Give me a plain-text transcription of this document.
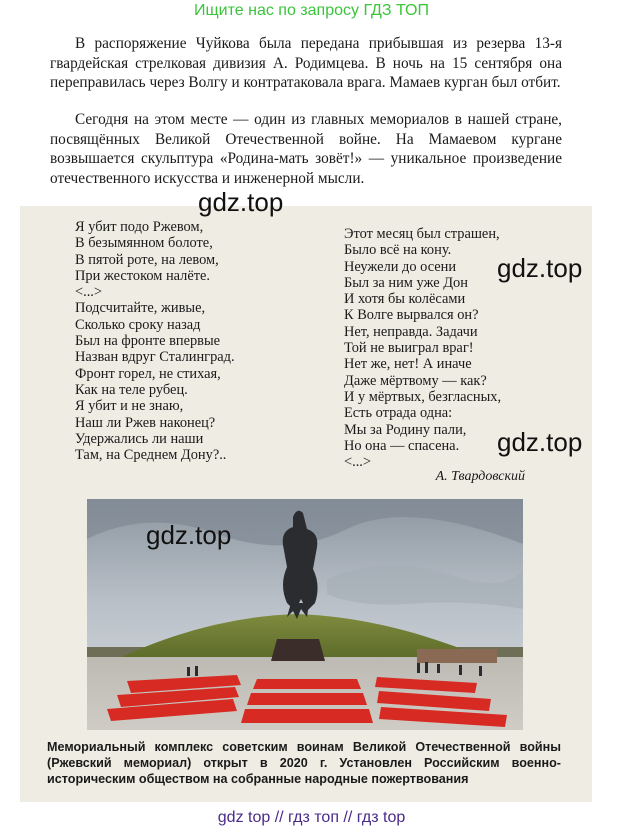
Ищите нас по запросу ГДЗ ТОП

В распоряжение Чуйкова была передана прибывшая из резерва 13-я гвардейская стрелковая дивизия А. Родимцева. В ночь на 15 сентября она переправилась через Волгу и контратаковала врага. Мамаев курган был отбит.

Сегодня на этом месте — один из главных мемориалов в нашей стране, посвящённых Великой Отечественной войне. На Мамаевом кургане возвышается скульптура «Родина-мать зовёт!» — уникальное произведение отечественного искусства и инженерной мысли.

Я убит подо Ржевом,
В безымянном болоте,
В пятой роте, на левом,
При жестоком налёте.
<...>
Подсчитайте, живые,
Сколько сроку назад
Был на фронте впервые
Назван вдруг Сталинград.
Фронт горел, не стихая,
Как на теле рубец.
Я убит и не знаю,
Наш ли Ржев наконец?
Удержались ли наши
Там, на Среднем Дону?..
Этот месяц был страшен,
Было всё на кону.
Неужели до осени
Был за ним уже Дон
И хотя бы колёсами
К Волге вырвался он?
Нет, неправда. Задачи
Той не выиграл враг!
Нет же, нет! А иначе
Даже мёртвому — как?
И у мёртвых, безгласных,
Есть отрада одна:
Мы за Родину пали,
Но она — спасена.
<...>
А. Твардовский
gdz.top
gdz.top
gdz.top
gdz.top
Мемориальный комплекс советским воинам Великой Отечественной войны (Ржевский мемориал) открыт в 2020 г. Установлен Российским военно-историческим обществом на собранные народные пожертвования
gdz top // гдз топ // гдз top
